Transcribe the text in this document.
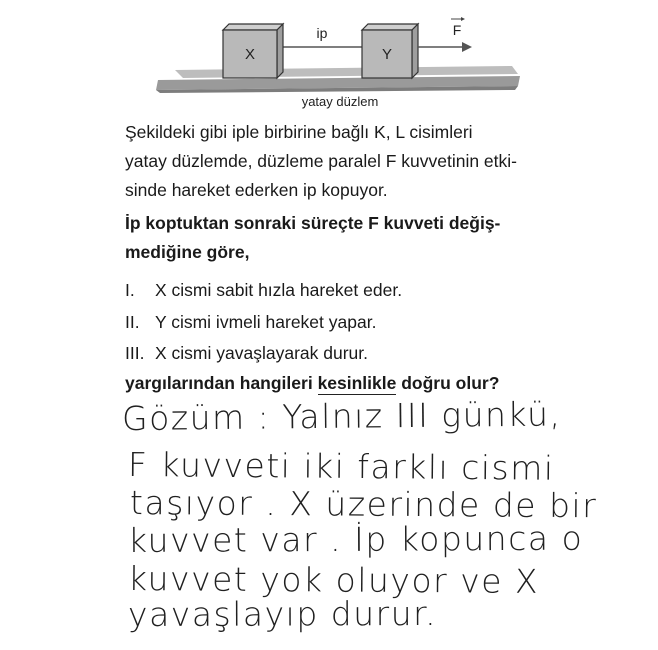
X
ip
Y
F
yatay düzlem
Şekildeki gibi iple birbirine bağlı K, L cisimleri
yatay düzlemde, düzleme paralel F kuvvetinin etki-
sinde hareket ederken ip kopuyor.
İp koptuktan sonraki süreçte F kuvveti değiş-
mediğine göre,
I. X cismi sabit hızla hareket eder.
II. Y cismi ivmeli hareket yapar.
III. X cismi yavaşlayarak durur.
yargılarından hangileri kesinlikle doğru olur?
Gözüm : Yalnız III günkü,
F kuvveti iki farklı cismi
taşıyor . X üzerinde de bir
kuvvet var . İp kopunca o
kuvvet yok oluyor ve X
yavaşlayıp durur.
